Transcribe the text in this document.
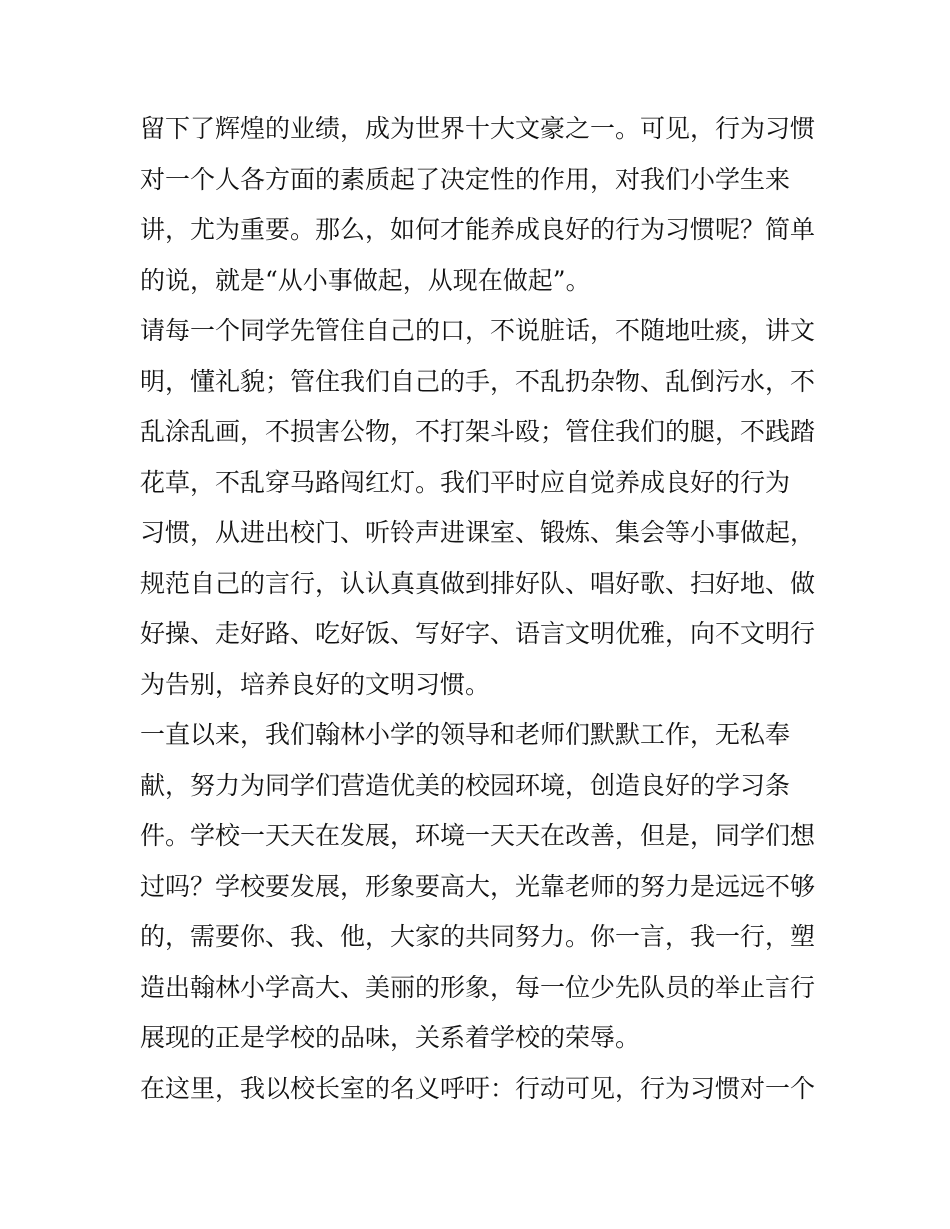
留下了辉煌的业绩，成为世界十大文豪之一。可见，行为习惯
对一个人各方面的素质起了决定性的作用，对我们小学生来
讲，尤为重要。那么，如何才能养成良好的行为习惯呢？简单
的说，就是“从小事做起，从现在做起”。
请每一个同学先管住自己的口，不说脏话，不随地吐痰，讲文
明，懂礼貌；管住我们自己的手，不乱扔杂物、乱倒污水，不
乱涂乱画，不损害公物，不打架斗殴；管住我们的腿，不践踏
花草，不乱穿马路闯红灯。我们平时应自觉养成良好的行为
习惯，从进出校门、听铃声进课室、锻炼、集会等小事做起，
规范自己的言行，认认真真做到排好队、唱好歌、扫好地、做
好操、走好路、吃好饭、写好字、语言文明优雅，向不文明行
为告别，培养良好的文明习惯。
一直以来，我们翰林小学的领导和老师们默默工作，无私奉
献，努力为同学们营造优美的校园环境，创造良好的学习条
件。学校一天天在发展，环境一天天在改善，但是，同学们想
过吗？学校要发展，形象要高大，光靠老师的努力是远远不够
的，需要你、我、他，大家的共同努力。你一言，我一行，塑
造出翰林小学高大、美丽的形象，每一位少先队员的举止言行
展现的正是学校的品味，关系着学校的荣辱。
在这里，我以校长室的名义呼吁：行动可见，行为习惯对一个
